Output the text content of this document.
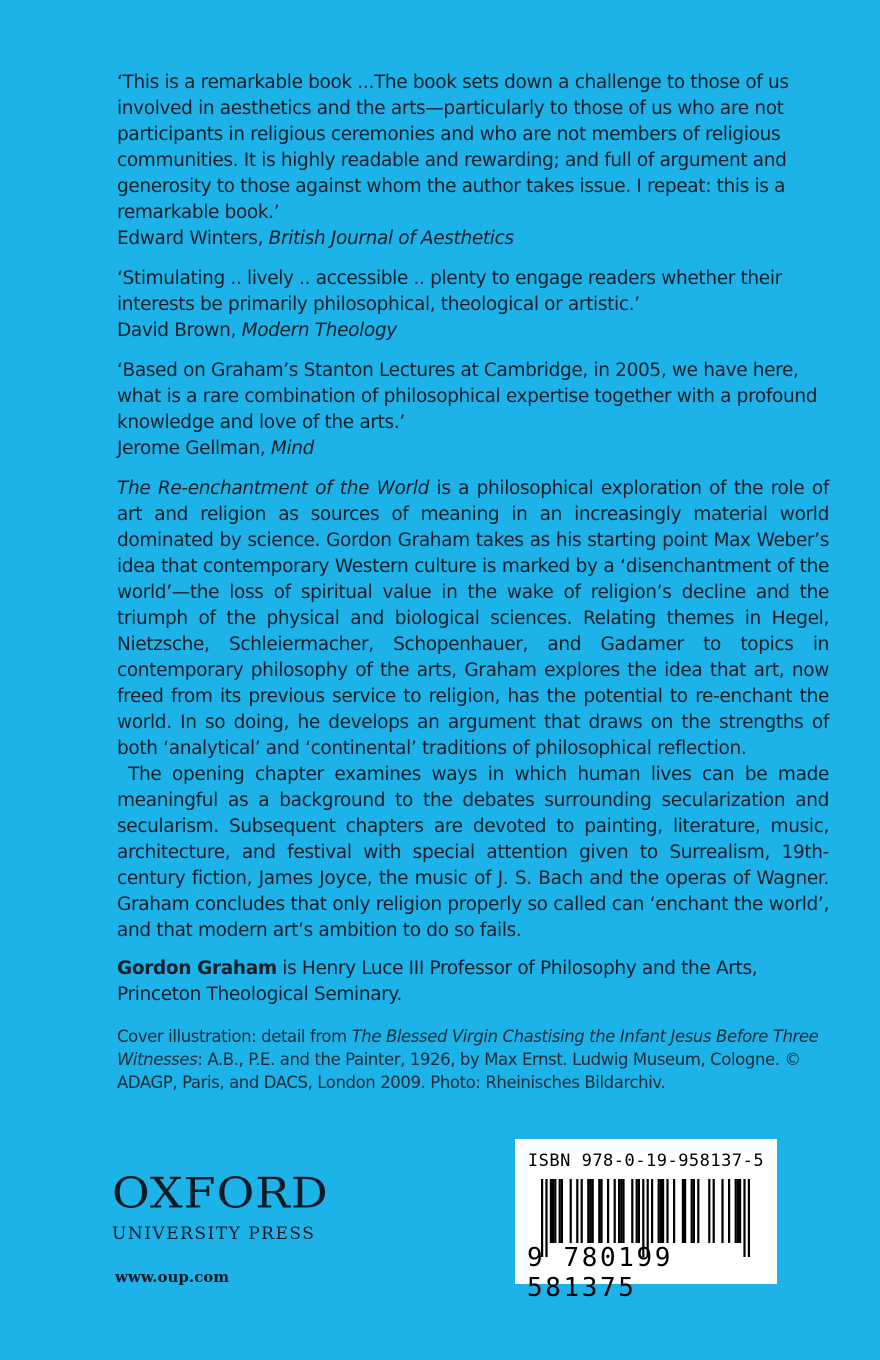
‘This is a remarkable book ...The book sets down a challenge to those of us involved in aesthetics and the arts—particularly to those of us who are not participants in religious ceremonies and who are not members of religious communities. It is highly readable and rewarding; and full of argument and generosity to those against whom the author takes issue. I repeat: this is a remarkable book.’

Edward Winters, British Journal of Aesthetics

‘Stimulating .. lively .. accessible .. plenty to engage readers whether their interests be primarily philosophical, theological or artistic.’

David Brown, Modern Theology

‘Based on Graham’s Stanton Lectures at Cambridge, in 2005, we have here, what is a rare combination of philosophical expertise together with a profound knowledge and love of the arts.’

Jerome Gellman, Mind

The Re-enchantment of the World is a philosophical exploration of the role of art and religion as sources of meaning in an increasingly material world dominated by science. Gordon Graham takes as his starting point Max Weber’s idea that contemporary Western culture is marked by a ‘disenchantment of the world’—the loss of spiritual value in the wake of religion’s decline and the triumph of the physical and biological sciences. Relating themes in Hegel, Nietzsche, Schleiermacher, Schopenhauer, and Gadamer to topics in contemporary philosophy of the arts, Graham explores the idea that art, now freed from its previous service to religion, has the potential to re-enchant the world. In so doing, he develops an argument that draws on the strengths of both ‘analytical’ and ‘continental’ traditions of philosophical reflection.

The opening chapter examines ways in which human lives can be made meaningful as a background to the debates surrounding secularization and secularism. Subsequent chapters are devoted to painting, literature, music, architecture, and festival with special attention given to Surrealism, 19th-century fiction, James Joyce, the music of J. S. Bach and the operas of Wagner. Graham concludes that only religion properly so called can ‘enchant the world’, and that modern art’s ambition to do so fails.

Gordon Graham is Henry Luce III Professor of Philosophy and the Arts, Princeton Theological Seminary.

Cover illustration: detail from The Blessed Virgin Chastising the Infant Jesus Before Three Witnesses: A.B., P.E. and the Painter, 1926, by Max Ernst. Ludwig Museum, Cologne. © ADAGP, Paris, and DACS, London 2009. Photo: Rheinisches Bildarchiv.

OXFORD
UNIVERSITY PRESS
www.oup.com
ISBN 978-0-19-958137-5
9 780199 581375
